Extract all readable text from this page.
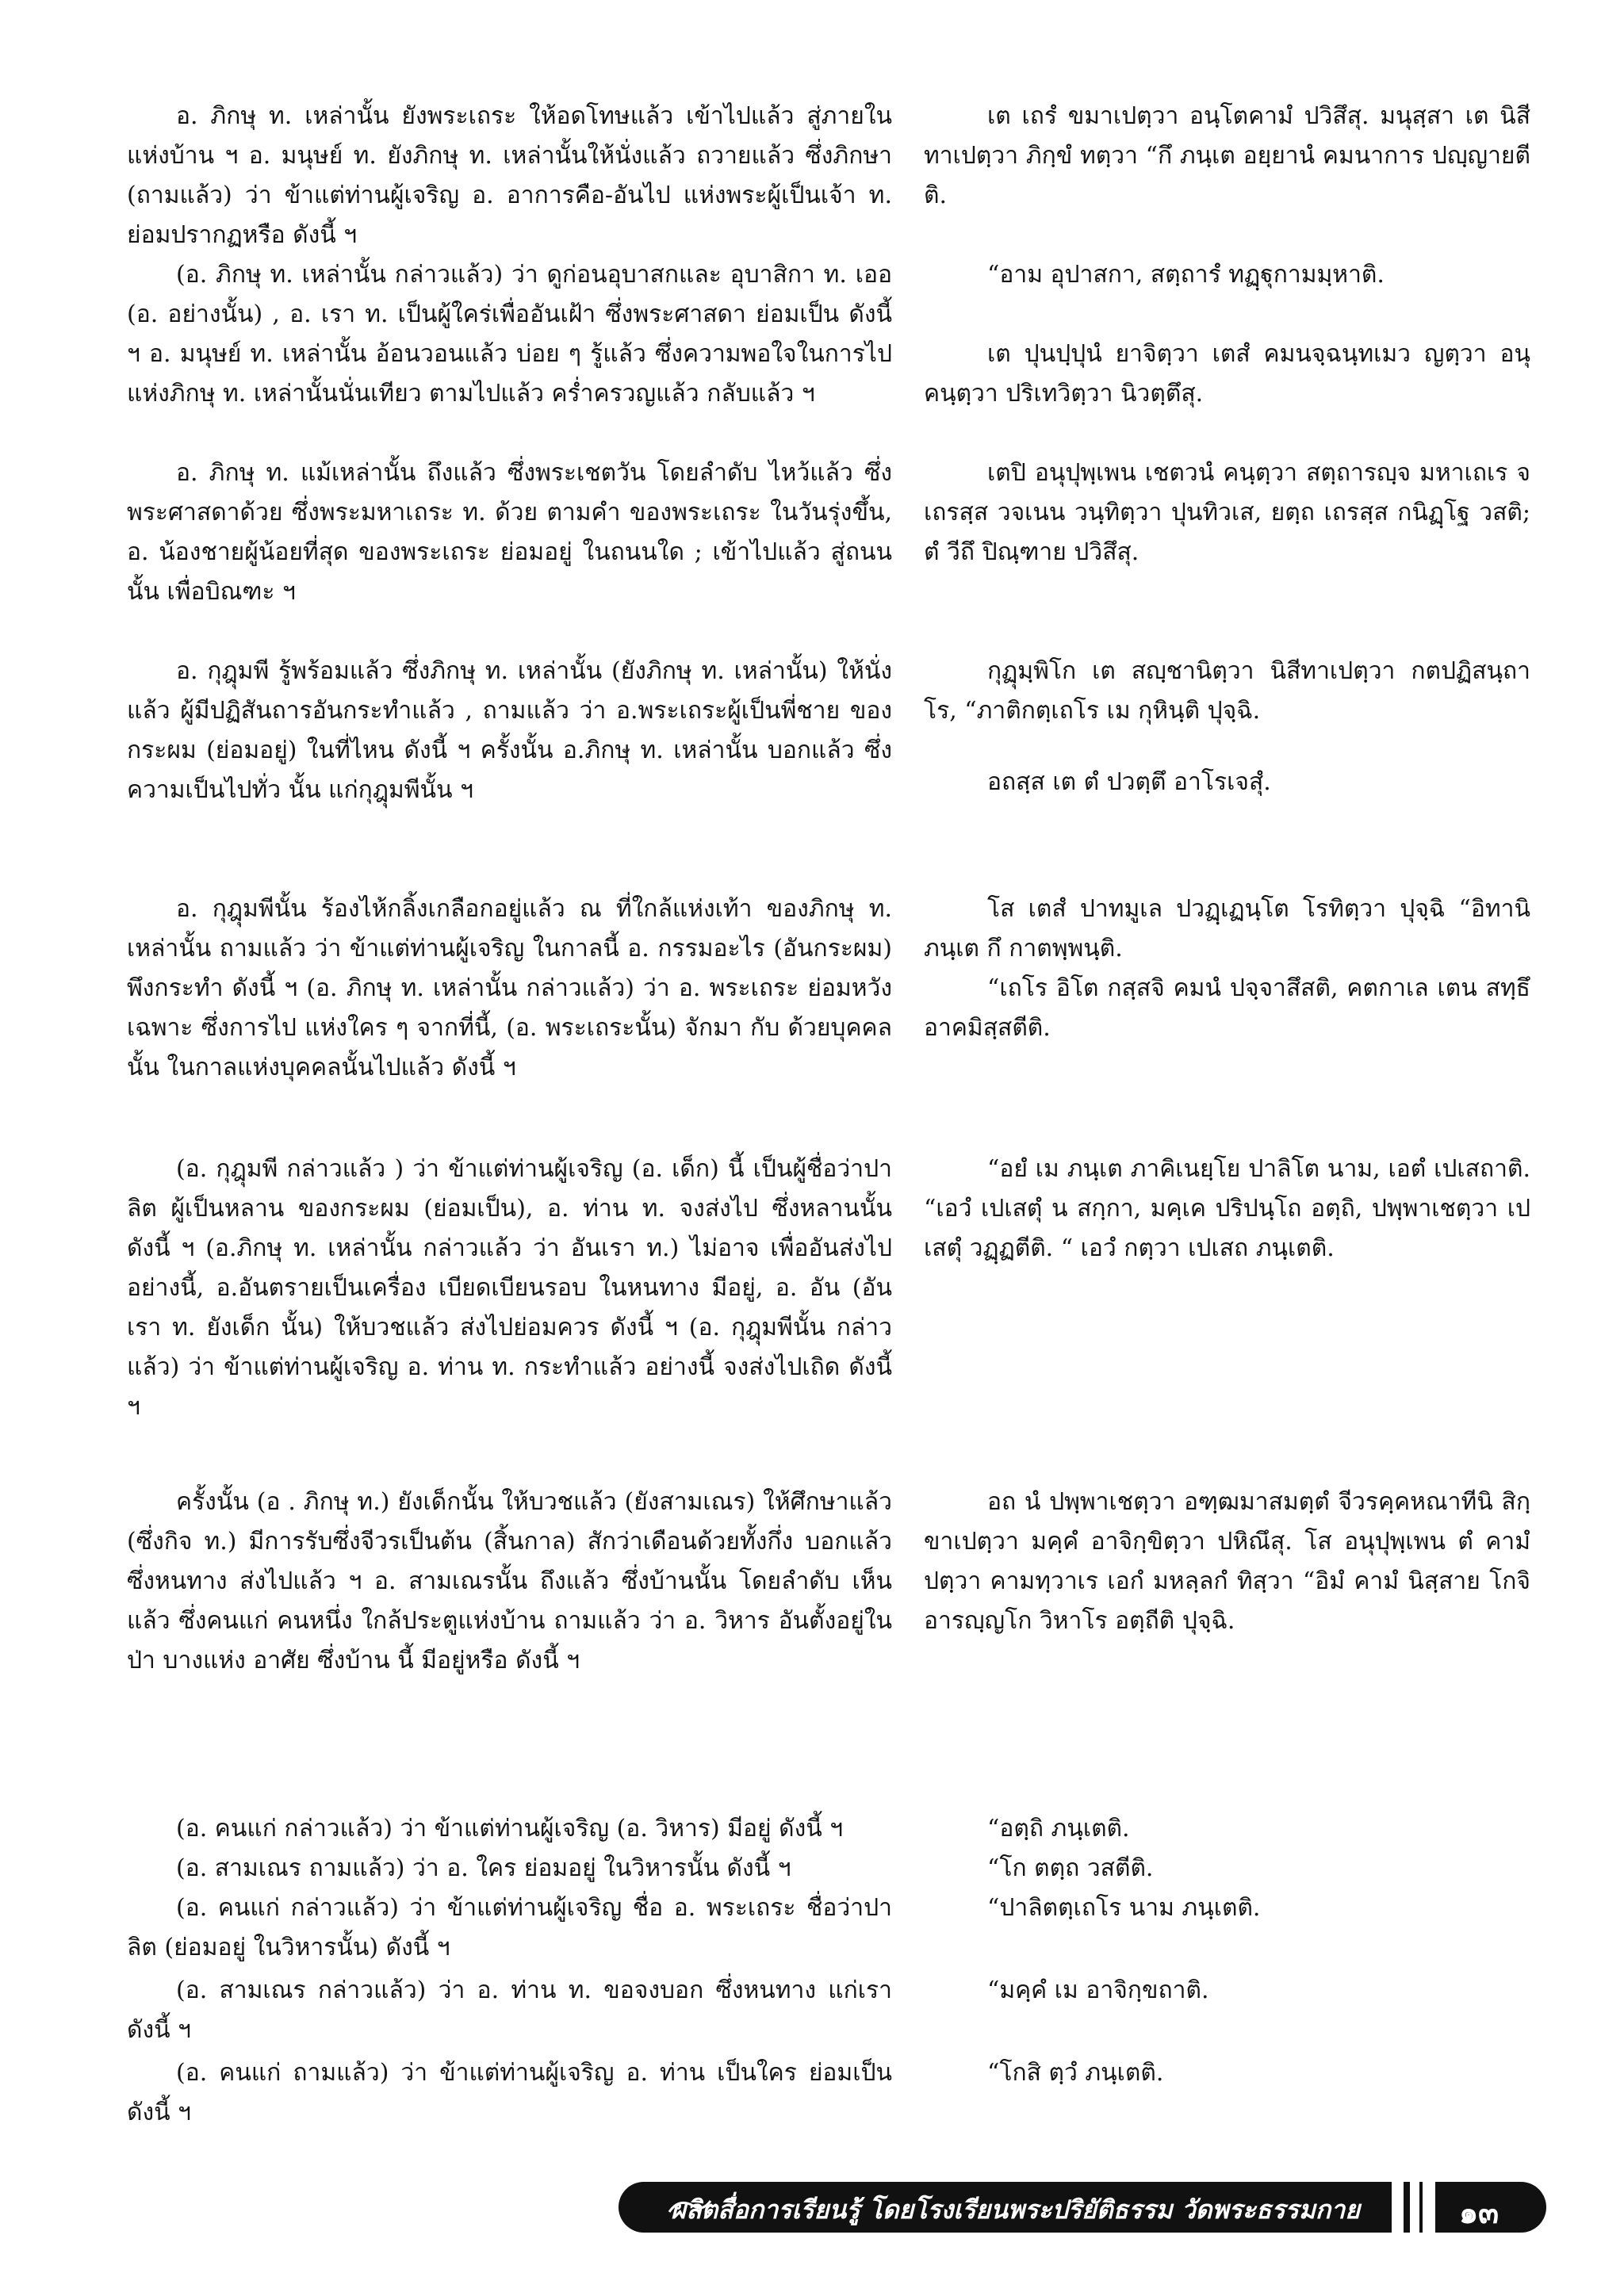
อ. ภิกษุ ท. เหล่านั้น ยังพระเถระ ให้อดโทษแล้ว เข้าไปแล้ว สู่ภายในแห่งบ้าน ฯ อ. มนุษย์ ท. ยังภิกษุ ท. เหล่านั้นให้นั่งแล้ว ถวายแล้ว ซึ่งภิกษา (ถามแล้ว) ว่า ข้าแต่ท่านผู้เจริญ อ. อาการคือ-อันไป แห่งพระผู้เป็นเจ้า ท. ย่อมปรากฏหรือ ดังนี้ ฯ

เต เถรํ ขมาเปตฺวา อนฺโตคามํ ปวิสึสุ. มนุสฺสา เต นิสีทาเปตฺวา ภิกฺขํ ทตฺวา “กึ ภนฺเต อยฺยานํ คมนาการ ปญฺญายตีติ.

(อ. ภิกษุ ท. เหล่านั้น กล่าวแล้ว) ว่า ดูก่อนอุบาสกและ อุบาสิกา ท. เออ (อ. อย่างนั้น) , อ. เรา ท. เป็นผู้ใคร่เพื่ออันเฝ้า ซึ่งพระศาสดา ย่อมเป็น ดังนี้ ฯ อ. มนุษย์ ท. เหล่านั้น อ้อนวอนแล้ว บ่อย ๆ รู้แล้ว ซึ่งความพอใจในการไป แห่งภิกษุ ท. เหล่านั้นนั่นเทียว ตามไปแล้ว คร่ำครวญแล้ว กลับแล้ว ฯ

“อาม อุปาสกา, สตฺถารํ ทฏฺฐุกามมฺหาติ.

เต ปุนปฺปุนํ ยาจิตฺวา เตสํ คมนจฺฉนฺทเมว ญตฺวา อนุคนฺตฺวา ปริเทวิตฺวา นิวตฺตึสุ.

อ. ภิกษุ ท. แม้เหล่านั้น ถึงแล้ว ซึ่งพระเชตวัน โดยลำดับ ไหว้แล้ว ซึ่งพระศาสดาด้วย ซึ่งพระมหาเถระ ท. ด้วย ตามคำ ของพระเถระ ในวันรุ่งขึ้น, อ. น้องชายผู้น้อยที่สุด ของพระเถระ ย่อมอยู่ ในถนนใด ; เข้าไปแล้ว สู่ถนนนั้น เพื่อบิณฑะ ฯ

เตปิ อนุปุพฺเพน เชตวนํ คนฺตฺวา สตฺถารญฺจ มหาเถเร จ เถรสฺส วจเนน วนฺทิตฺวา ปุนทิวเส, ยตฺถ เถรสฺส กนิฏฺโฐ วสติ; ตํ วีถึ ปิณฺฑาย ปวิสึสุ.

อ. กุฎุมพี รู้พร้อมแล้ว ซึ่งภิกษุ ท. เหล่านั้น (ยังภิกษุ ท. เหล่านั้น) ให้นั่งแล้ว ผู้มีปฏิสันถารอันกระทำแล้ว , ถามแล้ว ว่า อ.พระเถระผู้เป็นพี่ชาย ของกระผม (ย่อมอยู่) ในที่ไหน ดังนี้ ฯ ครั้งนั้น อ.ภิกษุ ท. เหล่านั้น บอกแล้ว ซึ่งความเป็นไปทั่ว นั้น แก่กุฎุมพีนั้น ฯ

กุฏุมฺพิโก เต สญฺชานิตฺวา นิสีทาเปตฺวา กตปฏิสนฺถาโร, “ภาติกตฺเถโร เม กุหินฺติ ปุจฺฉิ.

อถสฺส เต ตํ ปวตฺตึ อาโรเจสุํ.

อ. กุฎุมพีนั้น ร้องไห้กลิ้งเกลือกอยู่แล้ว ณ ที่ใกล้แห่งเท้า ของภิกษุ ท. เหล่านั้น ถามแล้ว ว่า ข้าแต่ท่านผู้เจริญ ในกาลนี้ อ. กรรมอะไร (อันกระผม) พึงกระทำ ดังนี้ ฯ (อ. ภิกษุ ท. เหล่านั้น กล่าวแล้ว) ว่า อ. พระเถระ ย่อมหวังเฉพาะ ซึ่งการไป แห่งใคร ๆ จากที่นี้, (อ. พระเถระนั้น) จักมา กับ ด้วยบุคคล นั้น ในกาลแห่งบุคคลนั้นไปแล้ว ดังนี้ ฯ

โส เตสํ ปาทมูเล ปวฏฺเฏนฺโต โรทิตฺวา ปุจฺฉิ “อิทานิ ภนฺเต กึ กาตพฺพนฺติ.

“เถโร อิโต กสฺสจิ คมนํ ปจฺจาสึสติ, คตกาเล เตน สทฺธึ อาคมิสฺสตีติ.

(อ. กุฎุมพี กล่าวแล้ว ) ว่า ข้าแต่ท่านผู้เจริญ (อ. เด็ก) นี้ เป็นผู้ชื่อว่าปาลิต ผู้เป็นหลาน ของกระผม (ย่อมเป็น), อ. ท่าน ท. จงส่งไป ซึ่งหลานนั้น ดังนี้ ฯ (อ.ภิกษุ ท. เหล่านั้น กล่าวแล้ว ว่า อันเรา ท.) ไม่อาจ เพื่ออันส่งไป อย่างนี้, อ.อันตรายเป็นเครื่อง เบียดเบียนรอบ ในหนทาง มีอยู่, อ. อัน (อันเรา ท. ยังเด็ก นั้น) ให้บวชแล้ว ส่งไปย่อมควร ดังนี้ ฯ (อ. กุฎุมพีนั้น กล่าวแล้ว) ว่า ข้าแต่ท่านผู้เจริญ อ. ท่าน ท. กระทำแล้ว อย่างนี้ จงส่งไปเถิด ดังนี้ ฯ

“อยํ เม ภนฺเต ภาคิเนยฺโย ปาลิโต นาม, เอตํ เปเสถาติ. “เอวํ เปเสตุํ น สกฺกา, มคฺเค ปริปนฺโถ อตฺถิ, ปพฺพาเชตฺวา เปเสตุํ วฏฺฏตีติ. “ เอวํ กตฺวา เปเสถ ภนฺเตติ.

ครั้งนั้น (อ . ภิกษุ ท.) ยังเด็กนั้น ให้บวชแล้ว (ยังสามเณร) ให้ศึกษาแล้ว (ซึ่งกิจ ท.) มีการรับซึ่งจีวรเป็นต้น (สิ้นกาล) สักว่าเดือนด้วยทั้งกึ่ง บอกแล้ว ซึ่งหนทาง ส่งไปแล้ว ฯ อ. สามเณรนั้น ถึงแล้ว ซึ่งบ้านนั้น โดยลำดับ เห็นแล้ว ซึ่งคนแก่ คนหนึ่ง ใกล้ประตูแห่งบ้าน ถามแล้ว ว่า อ. วิหาร อันตั้งอยู่ในป่า บางแห่ง อาศัย ซึ่งบ้าน นี้ มีอยู่หรือ ดังนี้ ฯ

อถ นํ ปพฺพาเชตฺวา อฑฺฒมาสมตฺตํ จีวรคฺคหณาทีนิ สิกฺขาเปตฺวา มคฺคํ อาจิกฺขิตฺวา ปหิณึสุ. โส อนุปุพฺเพน ตํ คามํ ปตฺวา คามทฺวาเร เอกํ มหลฺลกํ ทิสฺวา “อิมํ คามํ นิสฺสาย โกจิ อารญฺญโก วิหาโร อตฺถีติ ปุจฺฉิ.

(อ. คนแก่ กล่าวแล้ว) ว่า ข้าแต่ท่านผู้เจริญ (อ. วิหาร) มีอยู่ ดังนี้ ฯ	“อตฺถิ ภนฺเตติ.

(อ. สามเณร ถามแล้ว) ว่า อ. ใคร ย่อมอยู่ ในวิหารนั้น ดังนี้ ฯ	“โก ตตฺถ วสตีติ.

(อ. คนแก่ กล่าวแล้ว) ว่า ข้าแต่ท่านผู้เจริญ ชื่อ อ. พระเถระ ชื่อว่าปาลิต (ย่อมอยู่ ในวิหารนั้น) ดังนี้ ฯ

“ปาลิตตฺเถโร นาม ภนฺเตติ.

(อ. สามเณร กล่าวแล้ว) ว่า อ. ท่าน ท. ขอจงบอก ซึ่งหนทาง แก่เรา ดังนี้ ฯ

“มคฺคํ เม อาจิกฺขถาติ.

(อ. คนแก่ ถามแล้ว) ว่า ข้าแต่ท่านผู้เจริญ อ. ท่าน เป็นใคร ย่อมเป็นดังนี้ ฯ

“โกสิ ตฺวํ ภนฺเตติ.

ผลิตสื่อการเรียนรู้ โดยโรงเรียนพระปริยัติธรรม วัดพระธรรมกาย	๑๓
